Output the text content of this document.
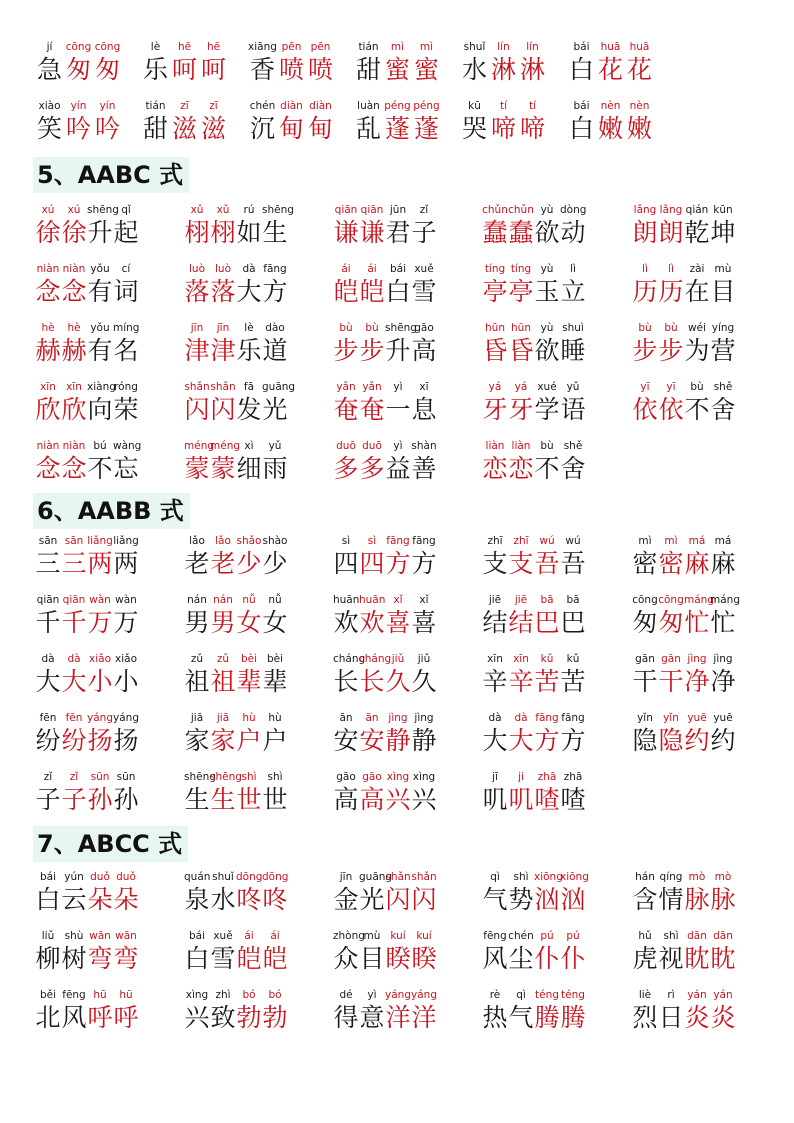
jí cōng cōng
急 匆 匆
lè hē hē
乐 呵 呵
xiāng pēn pēn
香 喷 喷
tián mì mì
甜 蜜 蜜
shuǐ lín lín
水 淋 淋
bái huā huā
白 花 花
xiào yín yín
笑 吟 吟
tián zī zī
甜 滋 滋
chén diàn diàn
沉 甸 甸
luàn péng péng
乱 蓬 蓬
kū tí tí
哭 啼 啼
bái nèn nèn
白 嫩 嫩
5、AABC 式
xú xú shēng qǐ
徐徐升起
xǔ xǔ rú shēng
栩栩如生
qiān qiān jūn zǐ
谦谦君子
chǔnchǔn yù dòng
蠢蠢欲动
lǎng lǎng qián kūn
朗朗乾坤
niàn niàn yǒu cí
念念有词
luò luò dà fāng
落落大方
ái ái bái xuě
皑皑白雪
tíng tíng yù lì
亭亭玉立
lì lì zài mù
历历在目
hè hè yǒu míng
赫赫有名
jīn jīn lè dào
津津乐道
bù bù shēnggāo
步步升高
hūn hūn yù shuì
昏昏欲睡
bù bù wéi yíng
步步为营
xīn xīn xiàngróng
欣欣向荣
shǎnshǎn fā guāng
闪闪发光
yǎn yǎn yì xī
奄奄一息
yá yá xué yǔ
牙牙学语
yī yī bù shě
依依不舍
niàn niàn bú wàng
念念不忘
méngméng xì yǔ
蒙蒙细雨
duō duō yì shàn
多多益善
liàn liàn bù shě
恋恋不舍
6、AABB 式
sān sān liǎngliǎng
三三两两
lǎo lǎo shǎoshào
老老少少
sì sì fāng fāng
四四方方
zhī zhī wú wú
支支吾吾
mì mì má má
密密麻麻
qiān qiān wàn wàn
千千万万
nán nán nǚ nǚ
男男女女
huānhuān xǐ xǐ
欢欢喜喜
jiē jiē bā bā
结结巴巴
cōngcōngmángmáng
匆匆忙忙
dà dà xiǎo xiǎo
大大小小
zǔ zǔ bèi bèi
祖祖辈辈
chángchángjiǔ jiǔ
长长久久
xīn xīn kǔ kǔ
辛辛苦苦
gān gān jìng jìng
干干净净
fēn fēn yángyáng
纷纷扬扬
jiā jiā hù hù
家家户户
ān ān jìng jìng
安安静静
dà dà fāng fāng
大大方方
yǐn yǐn yuē yuē
隐隐约约
zǐ zǐ sūn sūn
子子孙孙
shēngshēngshì shì
生生世世
gāo gāo xìng xìng
高高兴兴
jī ji zhā zhā
叽叽喳喳
7、ABCC 式
bái yún duǒ duǒ
白云朵朵
quán shuǐ dōngdōng
泉水咚咚
jīn guāngshǎnshǎn
金光闪闪
qì shì xiōngxiōng
气势汹汹
hán qíng mò mò
含情脉脉
liǔ shù wān wān
柳树弯弯
bái xuě ái ái
白雪皑皑
zhòngmù kuí kuí
众目睽睽
fēngchén pú pú
风尘仆仆
hǔ shì dān dān
虎视眈眈
běi fēng hū hū
北风呼呼
xìng zhì bó bó
兴致勃勃
dé yì yángyáng
得意洋洋
rè qì téng téng
热气腾腾
liè rì yán yán
烈日炎炎
